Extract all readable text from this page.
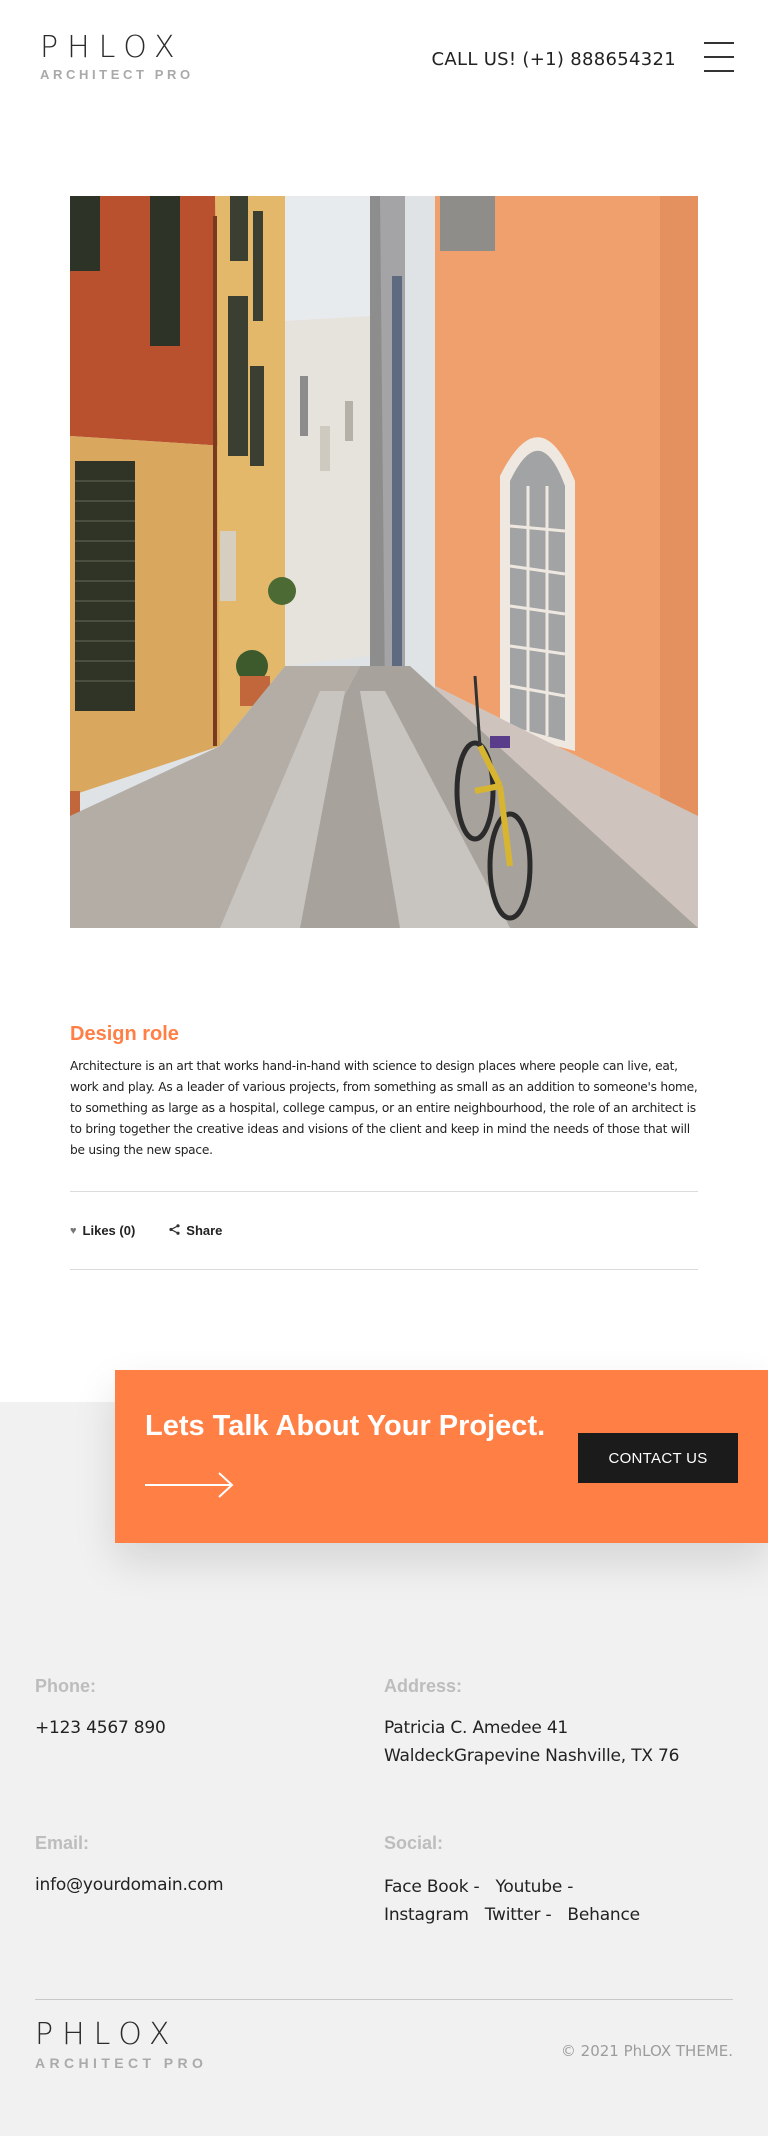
PHLOX
ARCHITECT PRO
CALL US! (+1) 888654321
Design role
Architecture is an art that works hand-in-hand with science to design places where people can live, eat, work and play. As a leader of various projects, from something as small as an addition to someone's home, to something as large as a hospital, college campus, or an entire neighbourhood, the role of an architect is to bring together the creative ideas and visions of the client and keep in mind the needs of those that will be using the new space.
♥ Likes (0)	Share
Lets Talk About Your Project.
CONTACT US
Phone:
+123 4567 890
Address:
Patricia C. Amedee 41
WaldeckGrapevine Nashville, TX 76
Email:
info@yourdomain.com
Social:
Face Book - Youtube -
Instagram Twitter - Behance
PHLOX
ARCHITECT PRO
© 2021 PhLOX THEME.
